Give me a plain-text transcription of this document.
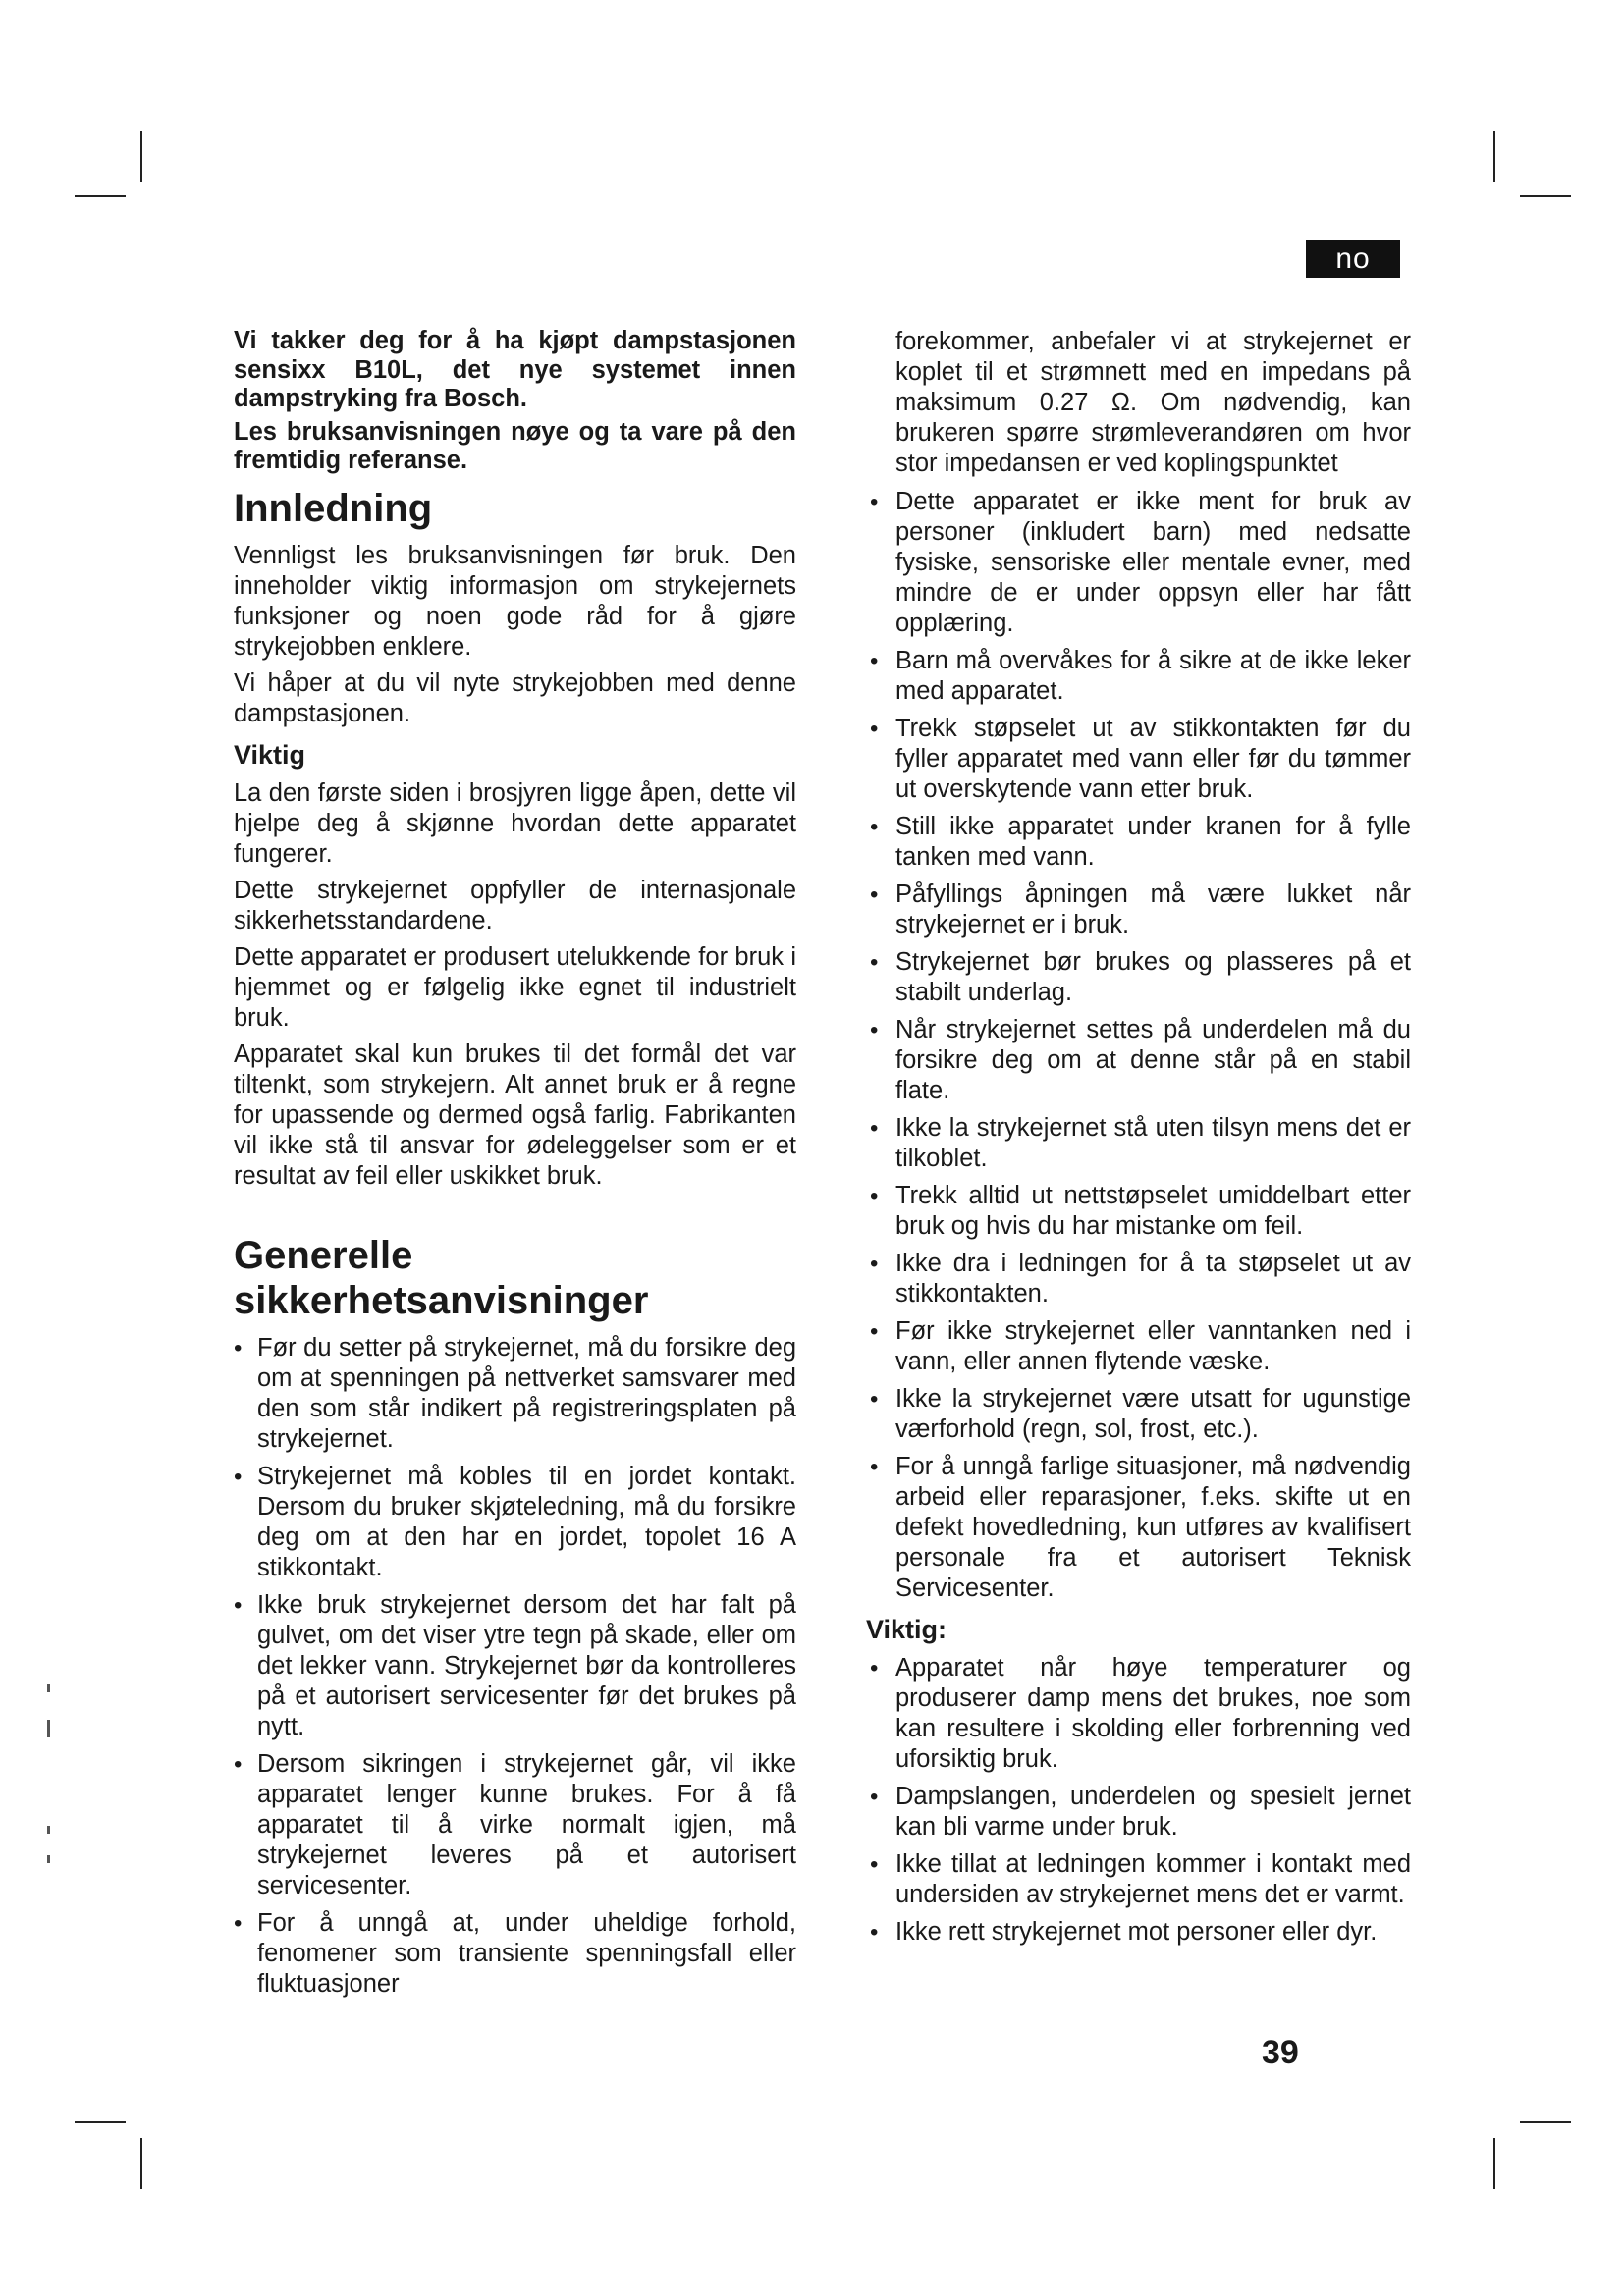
no
Vi takker deg for å ha kjøpt dampstasjonen sensixx B10L, det nye systemet innen dampstryking fra Bosch.
Les bruksanvisningen nøye og ta vare på den fremtidig referanse.
Innledning

Vennligst les bruksanvisningen før bruk. Den inneholder viktig informasjon om strykejernets funksjoner og noen gode råd for å gjøre strykejobben enklere.

Vi håper at du vil nyte strykejobben med denne dampstasjonen.

Viktig

La den første siden i brosjyren ligge åpen, dette vil hjelpe deg å skjønne hvordan dette apparatet fungerer.

Dette strykejernet oppfyller de internasjonale sikkerhetsstandardene.

Dette apparatet er produsert utelukkende for bruk i hjemmet og er følgelig ikke egnet til industrielt bruk.

Apparatet skal kun brukes til det formål det var tiltenkt, som strykejern. Alt annet bruk er å regne for upassende og dermed også farlig. Fabrikanten vil ikke stå til ansvar for ødeleggelser som er et resultat av feil eller uskikket bruk.

Generelle
sikkerhetsanvisninger
• Før du setter på strykejernet, må du forsikre deg om at spenningen på nettverket samsvarer med den som står indikert på registreringsplaten på strykejernet.
• Strykejernet må kobles til en jordet kontakt. Dersom du bruker skjøteledning, må du forsikre deg om at den har en jordet, topolet 16 A stikkontakt.
• Ikke bruk strykejernet dersom det har falt på gulvet, om det viser ytre tegn på skade, eller om det lekker vann. Strykejernet bør da kontrolleres på et autorisert servicesenter før det brukes på nytt.
• Dersom sikringen i strykejernet går, vil ikke apparatet lenger kunne brukes. For å få apparatet til å virke normalt igjen, må strykejernet leveres på et autorisert servicesenter.
• For å unngå at, under uheldige forhold, fenomener som transiente spenningsfall eller fluktuasjoner
forekommer, anbefaler vi at strykejernet er koplet til et strømnett med en impedans på maksimum 0.27 Ω. Om nødvendig, kan brukeren spørre strømleverandøren om hvor stor impedansen er ved koplingspunktet
• Dette apparatet er ikke ment for bruk av personer (inkludert barn) med nedsatte fysiske, sensoriske eller mentale evner, med mindre de er under oppsyn eller har fått opplæring.
• Barn må overvåkes for å sikre at de ikke leker med apparatet.
• Trekk støpselet ut av stikkontakten før du fyller apparatet med vann eller før du tømmer ut overskytende vann etter bruk.
• Still ikke apparatet under kranen for å fylle tanken med vann.
• Påfyllings åpningen må være lukket når strykejernet er i bruk.
• Strykejernet bør brukes og plasseres på et stabilt underlag.
• Når strykejernet settes på underdelen må du forsikre deg om at denne står på en stabil flate.
• Ikke la strykejernet stå uten tilsyn mens det er tilkoblet.
• Trekk alltid ut nettstøpselet umiddelbart etter bruk og hvis du har mistanke om feil.
• Ikke dra i ledningen for å ta støpselet ut av stikkontakten.
• Før ikke strykejernet eller vanntanken ned i vann, eller annen flytende væske.
• Ikke la strykejernet være utsatt for ugunstige værforhold (regn, sol, frost, etc.).
• For å unngå farlige situasjoner, må nødvendig arbeid eller reparasjoner, f.eks. skifte ut en defekt hovedledning, kun utføres av kvalifisert personale fra et autorisert Teknisk Servicesenter.
Viktig:
• Apparatet når høye temperaturer og produserer damp mens det brukes, noe som kan resultere i skolding eller forbrenning ved uforsiktig bruk.
• Dampslangen, underdelen og spesielt jernet kan bli varme under bruk.
• Ikke tillat at ledningen kommer i kontakt med undersiden av strykejernet mens det er varmt.
• Ikke rett strykejernet mot personer eller dyr.
39
